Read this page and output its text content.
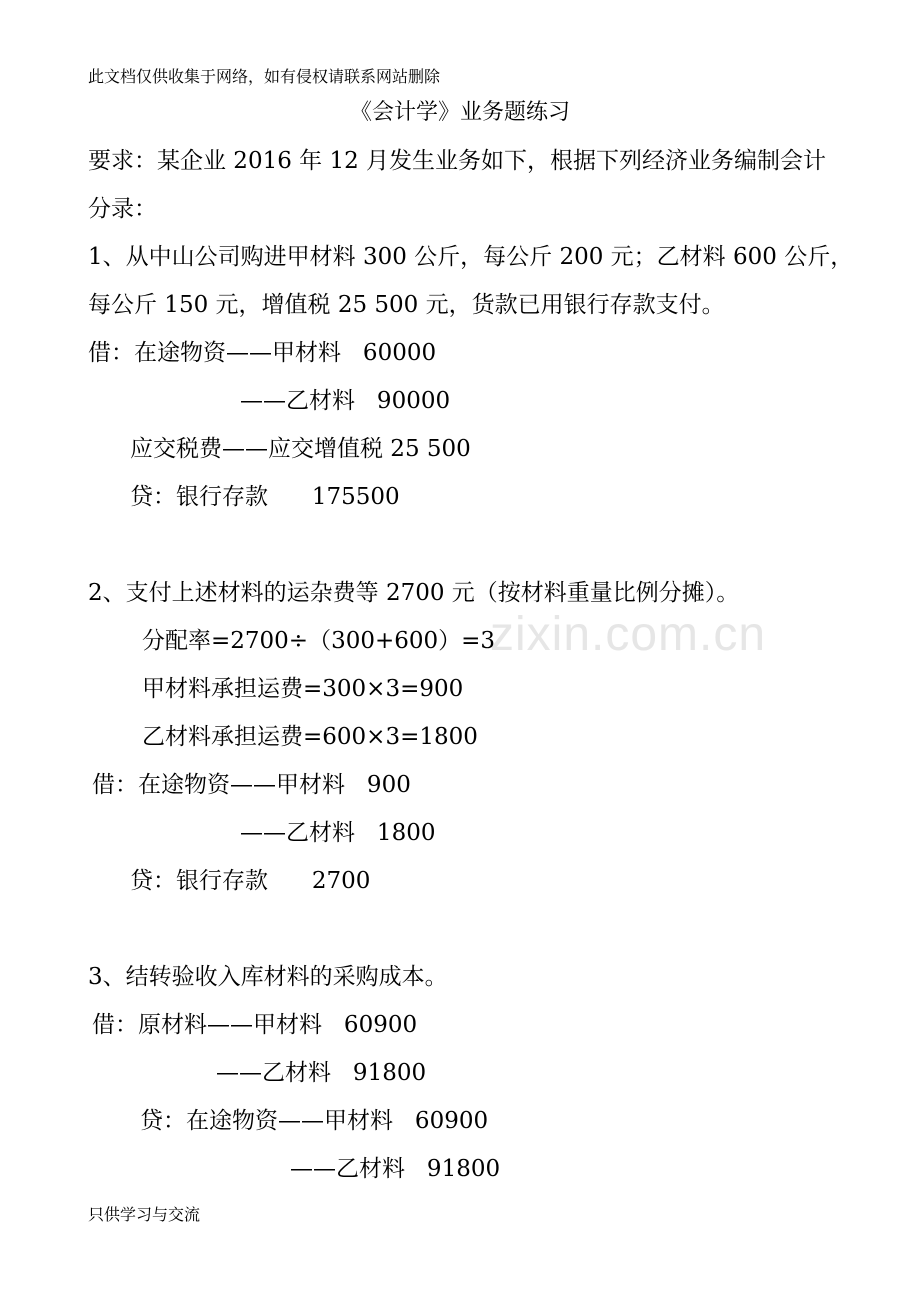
zixin.com.cn
此文档仅供收集于网络，如有侵权请联系网站删除
《会计学》业务题练习
要求：某企业 2016 年 12 月发生业务如下，根据下列经济业务编制会计
分录：
1、从中山公司购进甲材料 300 公斤，每公斤 200 元；乙材料 600 公斤，
每公斤 150 元，增值税 25 500 元，货款已用银行存款支付。
借：在途物资——甲材料   60000
——乙材料   90000
应交税费——应交增值税 25 500
贷：银行存款      175500
2、支付上述材料的运杂费等 2700 元（按材料重量比例分摊）。
分配率=2700÷（300+600）=3
甲材料承担运费=300×3=900
乙材料承担运费=600×3=1800
借：在途物资——甲材料   900
——乙材料   1800
贷：银行存款      2700
3、结转验收入库材料的采购成本。
借：原材料——甲材料   60900
——乙材料   91800
贷：在途物资——甲材料   60900
——乙材料   91800
只供学习与交流
